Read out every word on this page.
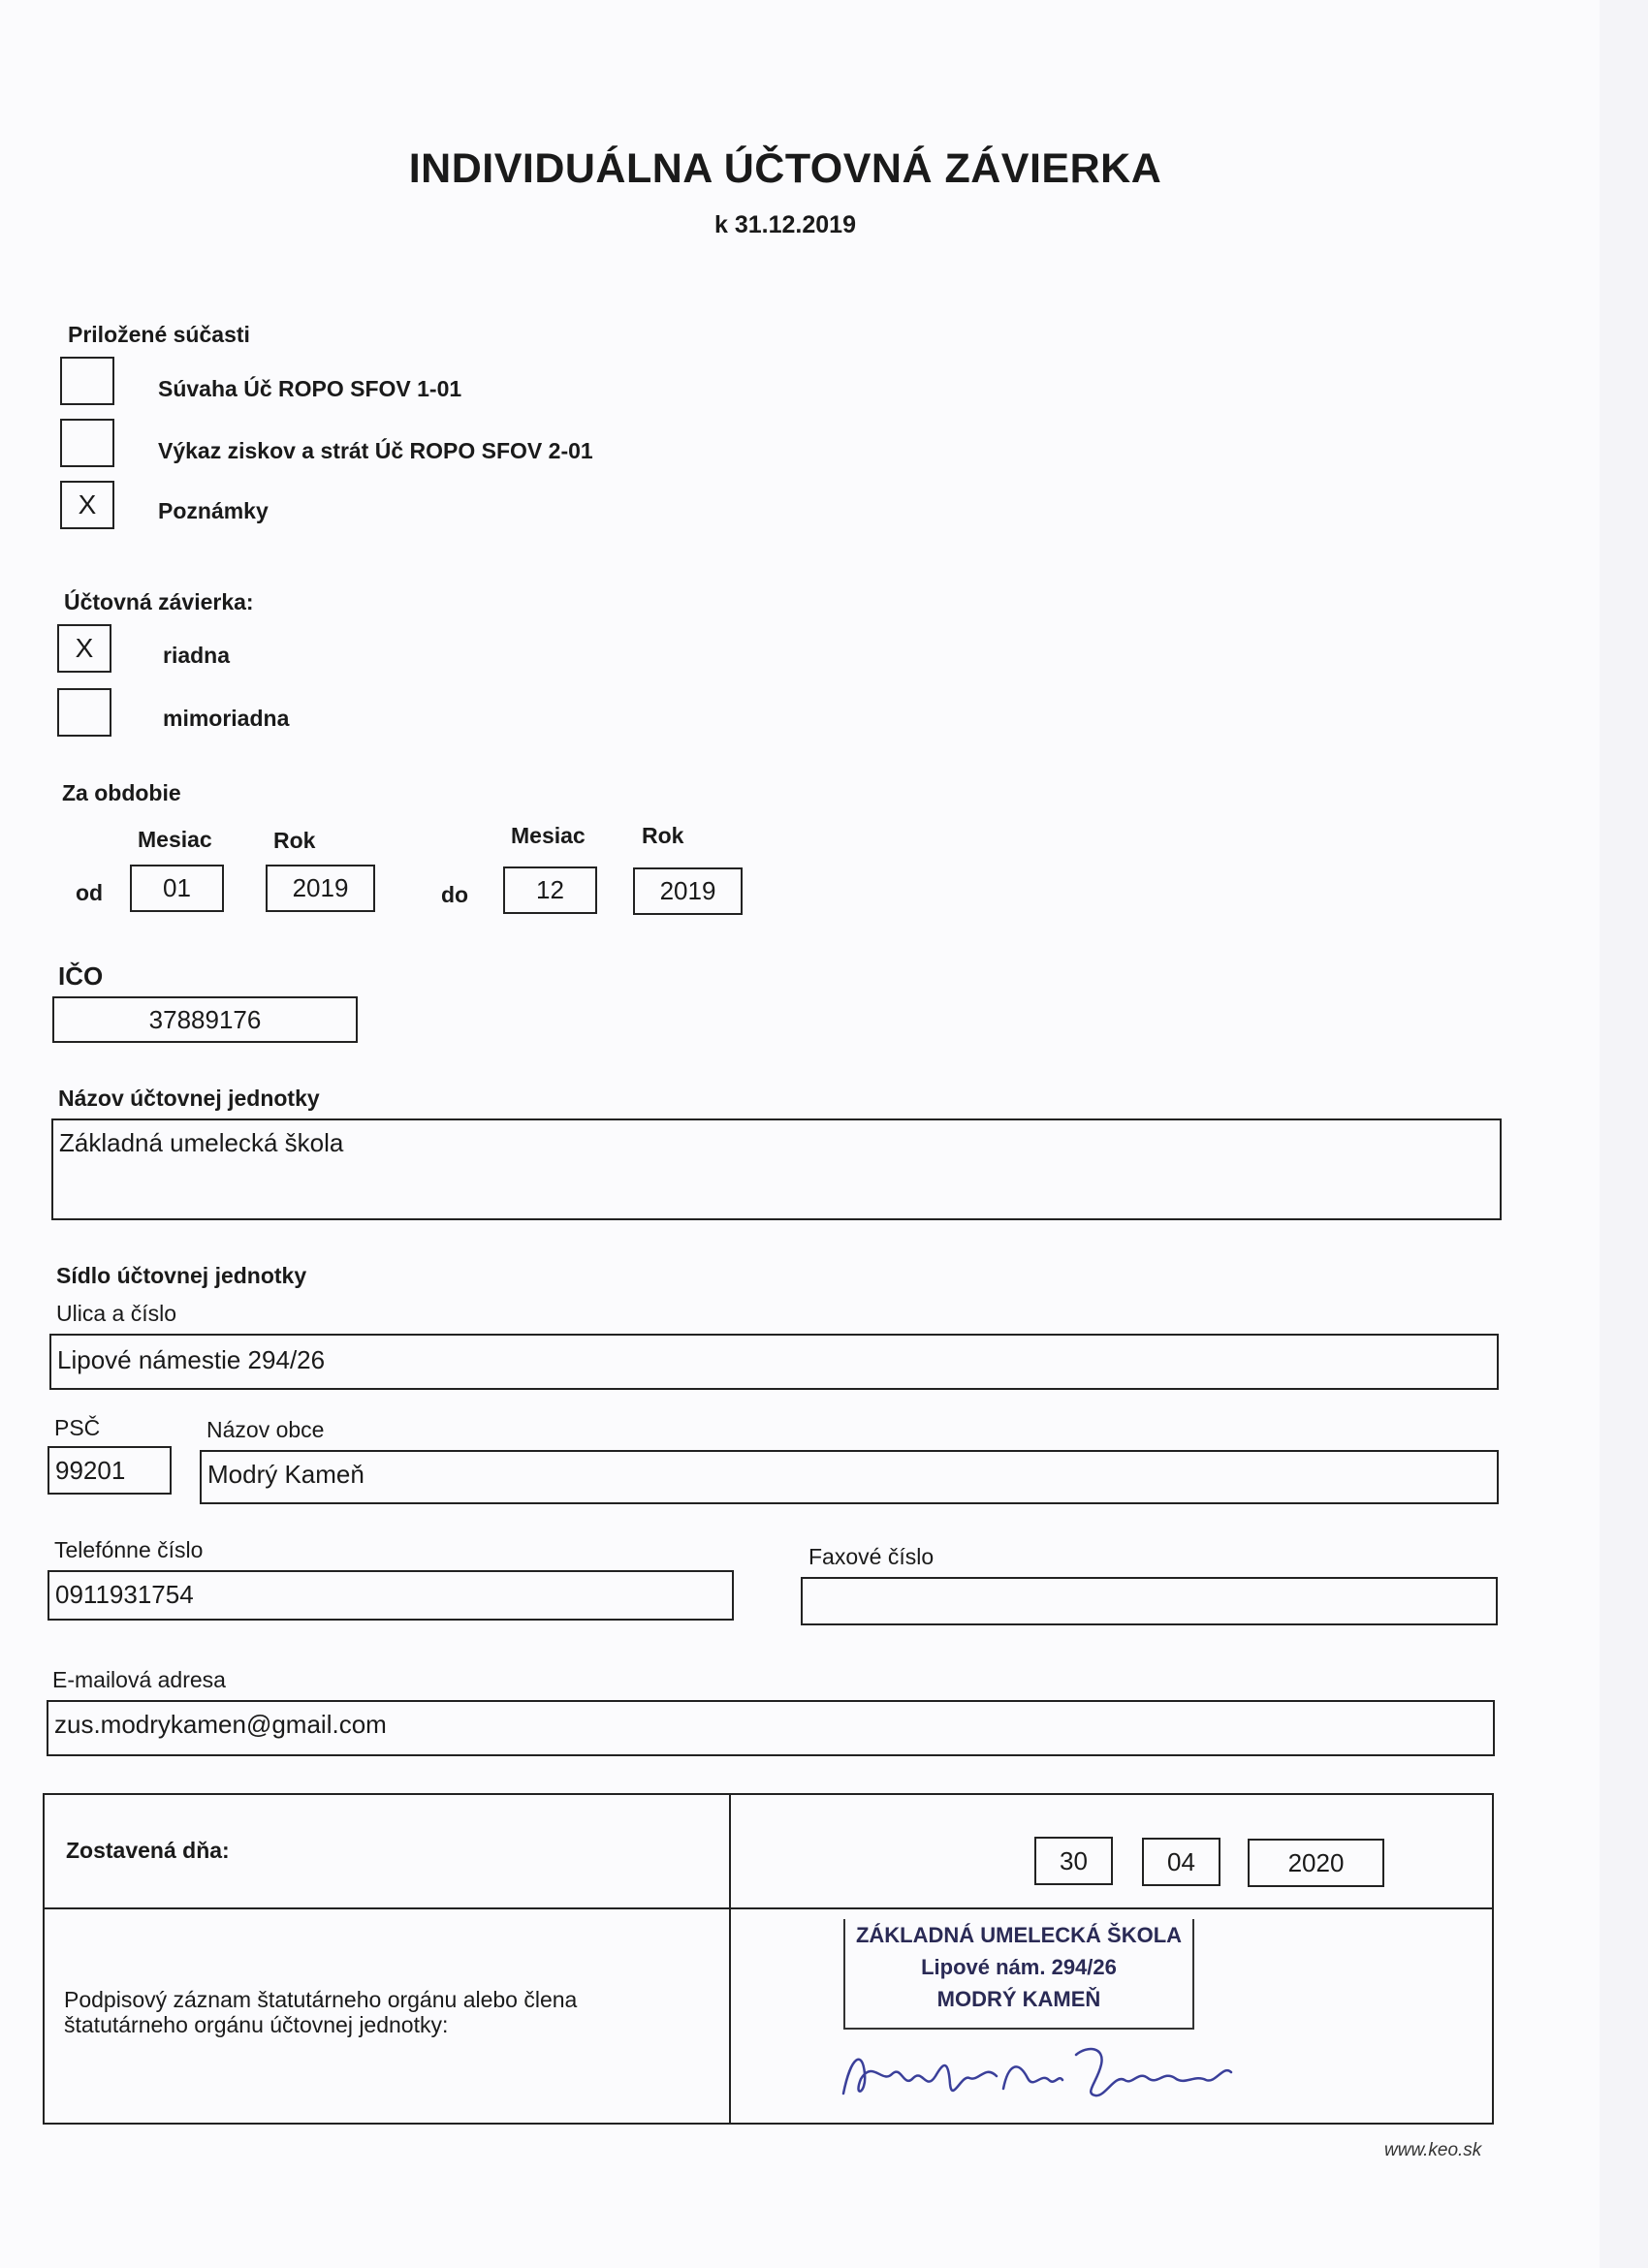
INDIVIDUÁLNA ÚČTOVNÁ ZÁVIERKA
k 31.12.2019
Priložené súčasti
Súvaha Úč ROPO SFOV 1-01
Výkaz ziskov a strát Úč ROPO SFOV 2-01
X	Poznámky
Účtovná závierka:
X	riadna
mimoriadna
Za obdobie
Mesiac	Rok	Mesiac	Rok
od	01	2019	do	12	2019
IČO
37889176
Názov účtovnej jednotky
Základná umelecká škola
Sídlo účtovnej jednotky
Ulica a číslo
Lipové námestie 294/26
PSČ
99201
Názov obce
Modrý Kameň
Telefónne číslo
0911931754
Faxové číslo
E-mailová adresa
zus.modrykamen@gmail.com
Zostavená dňa:	30	04	2020
Podpisový záznam štatutárneho orgánu alebo člena
štatutárneho orgánu účtovnej jednotky:
ZÁKLADNÁ UMELECKÁ ŠKOLA
Lipové nám. 294/26
MODRÝ KAMEŇ
www.keo.sk
